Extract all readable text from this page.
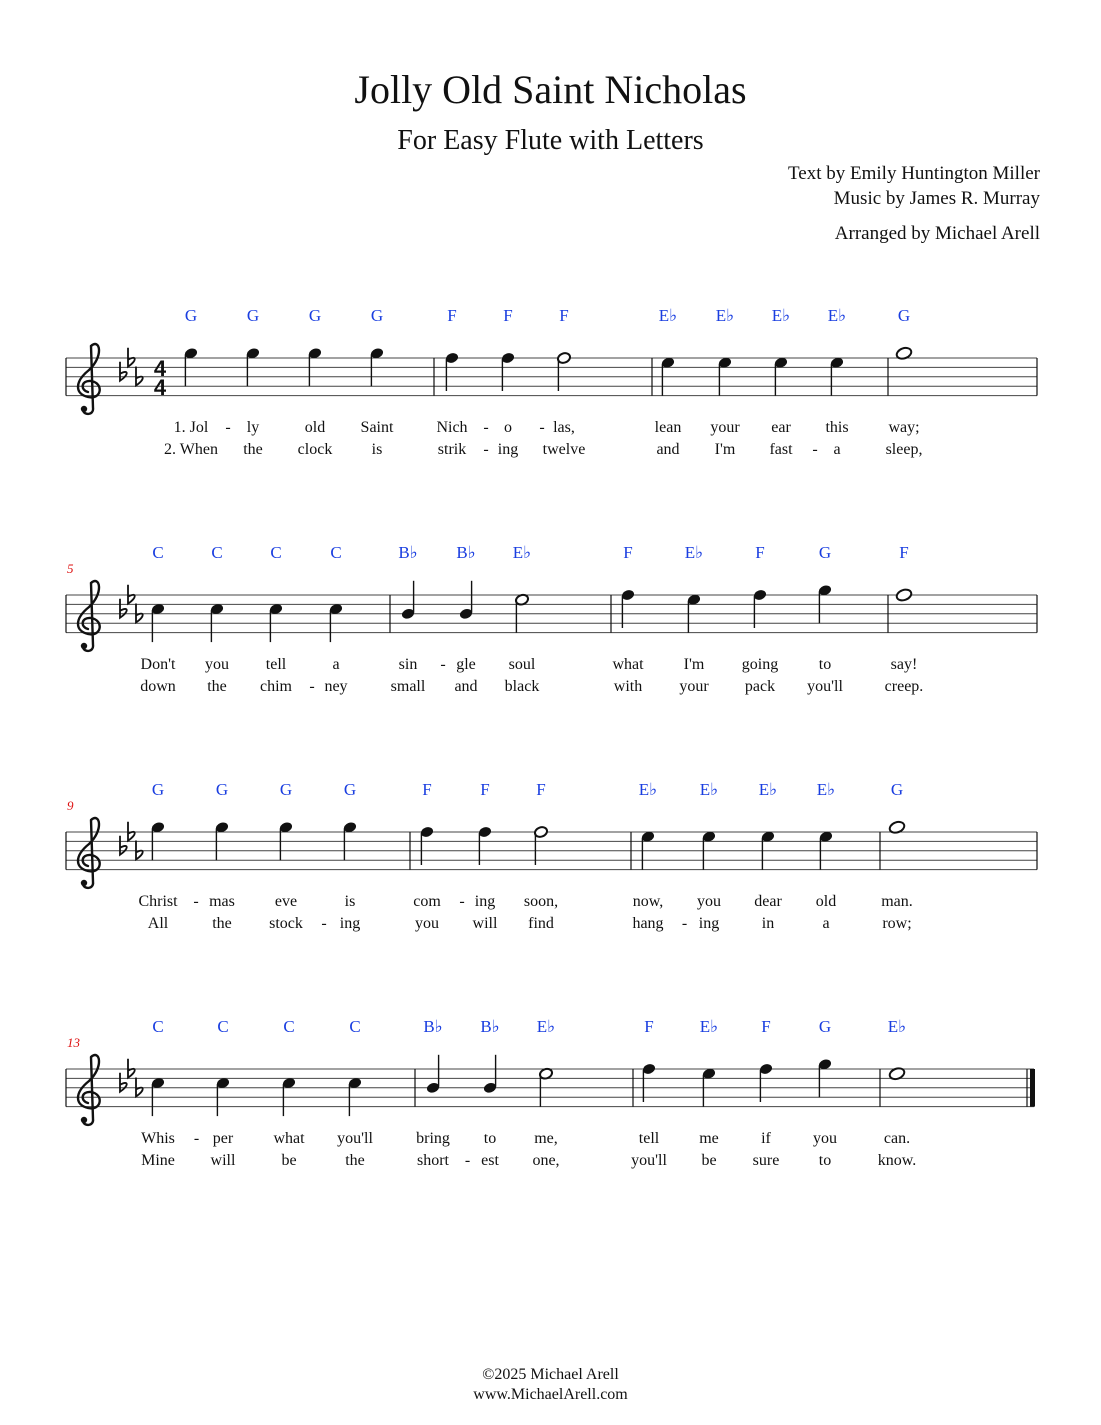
Jolly Old Saint Nicholas
For Easy Flute with Letters
Text by Emily Huntington Miller
Music by James R. Murray
Arranged by Michael Arell
4
4
G	G	G	G	F	F	F	E♭ E♭ E♭ E♭	G
1. Jol ly	old Saint	Nich o	las,	lean your ear this way;
2. When the clock is	strik ing twelve	and I'm fast	a	sleep,
-	-	-
-	-
5
C	C	C	C	B♭ B♭ E♭	F	E♭	F	G	F
Don't you tell	a	sin gle soul	what	I'm going	to	say!
down the chim ney	small and black	with your pack you'll	creep.
-
-
9
G	G	G	G	F	F	F	E♭	E♭ E♭ E♭	G
Christ mas	eve	is	com ing soon,	now, you dear old	man.
All	the stock ing	you will find	hang ing	in	a	row;
-	-
-	-
13
C	C	C	C	B♭ B♭ E♭	F	E♭	F	G	E♭
Whis per	what you'll	bring to me,	tell	me	if	you	can.
Mine will	be	the	short est one,	you'll be sure to	know.
-
-
©2025 Michael Arell
www.MichaelArell.com
